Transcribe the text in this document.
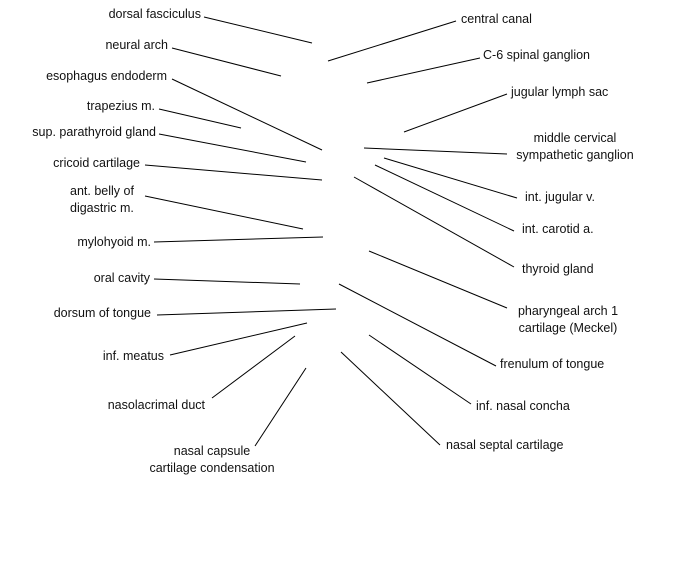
dorsal fasciculus
neural arch
esophagus endoderm
trapezius m.
sup. parathyroid gland
cricoid cartilage
ant. belly of
digastric m.
mylohyoid m.
oral cavity
dorsum of tongue
inf. meatus
nasolacrimal duct
nasal capsule
cartilage condensation
central canal
C-6 spinal ganglion
jugular lymph sac
middle cervical
sympathetic ganglion
int. jugular v.
int. carotid a.
thyroid gland
pharyngeal arch 1
cartilage (Meckel)
frenulum of tongue
inf. nasal concha
nasal septal cartilage
